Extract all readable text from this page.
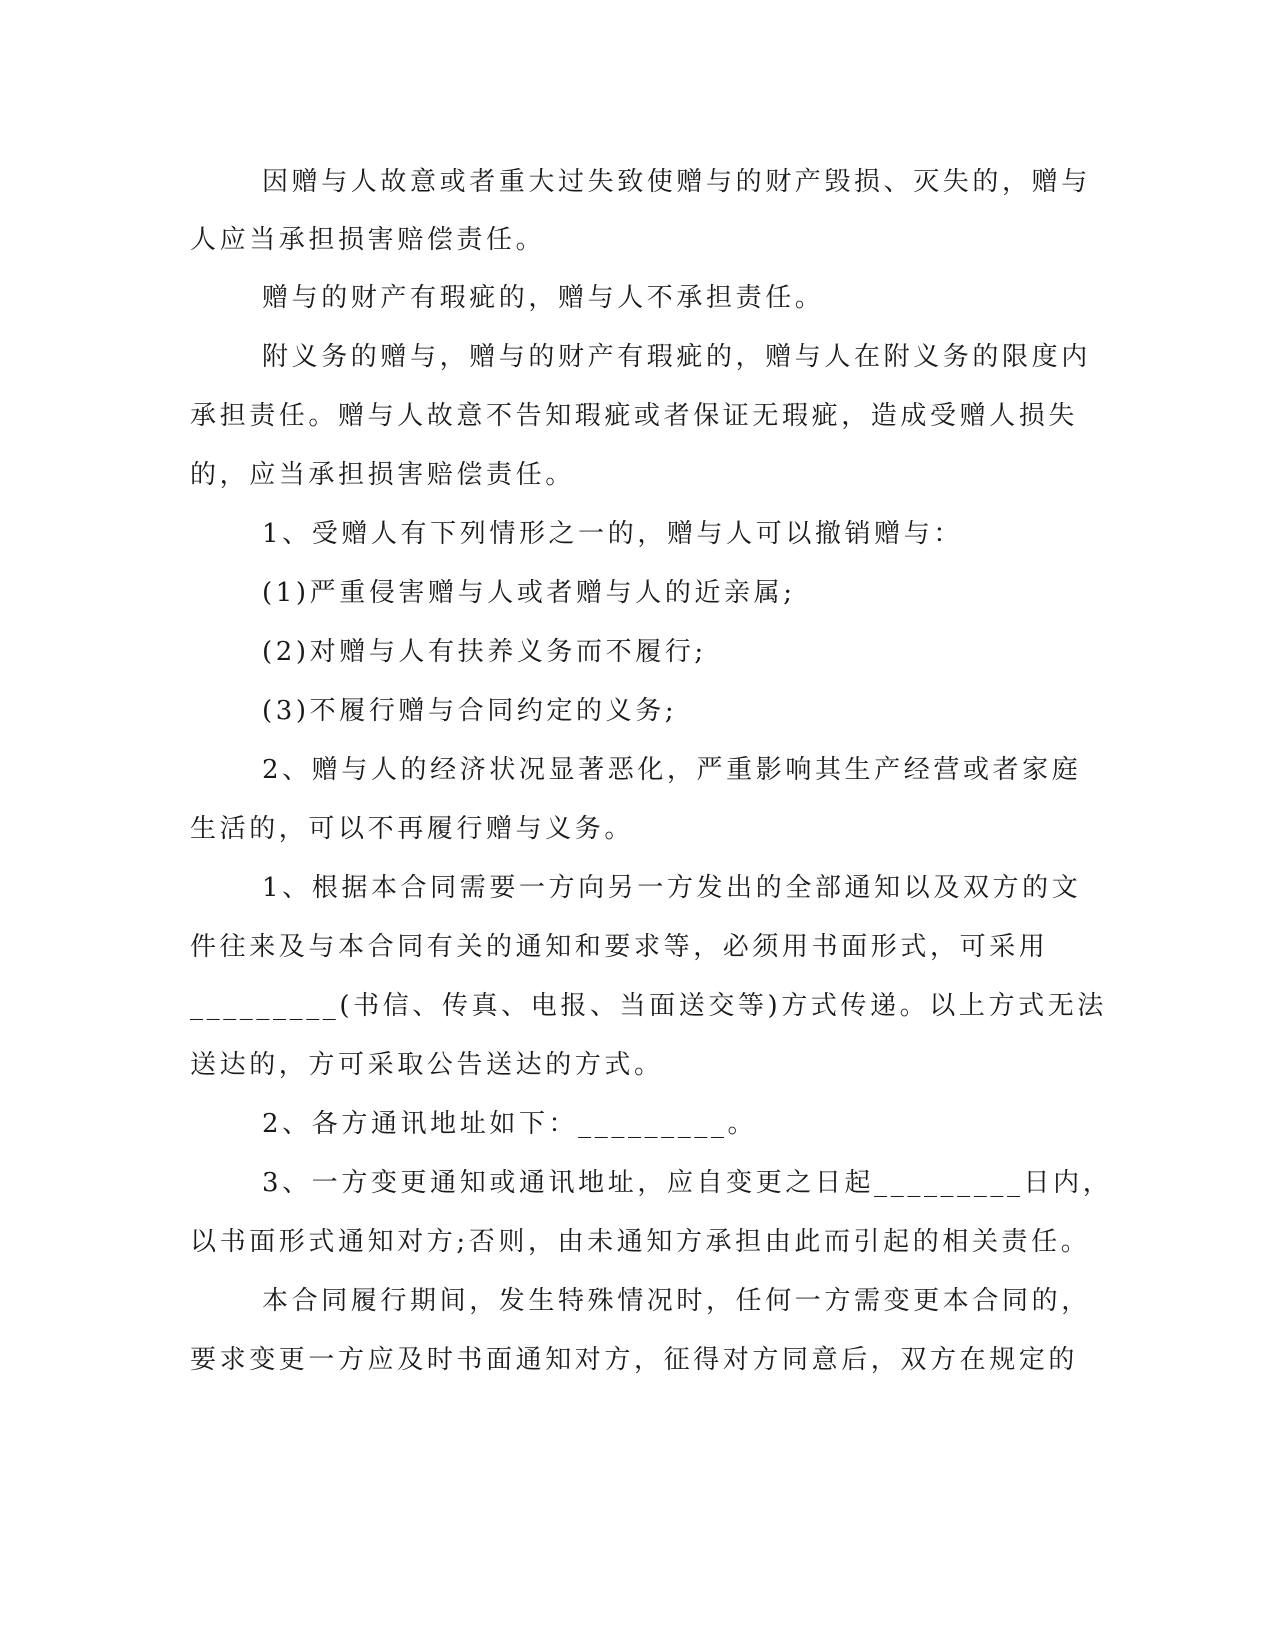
因赠与人故意或者重大过失致使赠与的财产毁损、灭失的，赠与
人应当承担损害赔偿责任。
赠与的财产有瑕疵的，赠与人不承担责任。
附义务的赠与，赠与的财产有瑕疵的，赠与人在附义务的限度内
承担责任。赠与人故意不告知瑕疵或者保证无瑕疵，造成受赠人损失
的，应当承担损害赔偿责任。
1、受赠人有下列情形之一的，赠与人可以撤销赠与：
(1)严重侵害赠与人或者赠与人的近亲属;
(2)对赠与人有扶养义务而不履行;
(3)不履行赠与合同约定的义务;
2、赠与人的经济状况显著恶化，严重影响其生产经营或者家庭
生活的，可以不再履行赠与义务。
1、根据本合同需要一方向另一方发出的全部通知以及双方的文
件往来及与本合同有关的通知和要求等，必须用书面形式，可采用
_________(书信、传真、电报、当面送交等)方式传递。以上方式无法
送达的，方可采取公告送达的方式。
2、各方通讯地址如下：_________。
3、一方变更通知或通讯地址，应自变更之日起_________日内，
以书面形式通知对方;否则，由未通知方承担由此而引起的相关责任。
本合同履行期间，发生特殊情况时，任何一方需变更本合同的，
要求变更一方应及时书面通知对方，征得对方同意后，双方在规定的
